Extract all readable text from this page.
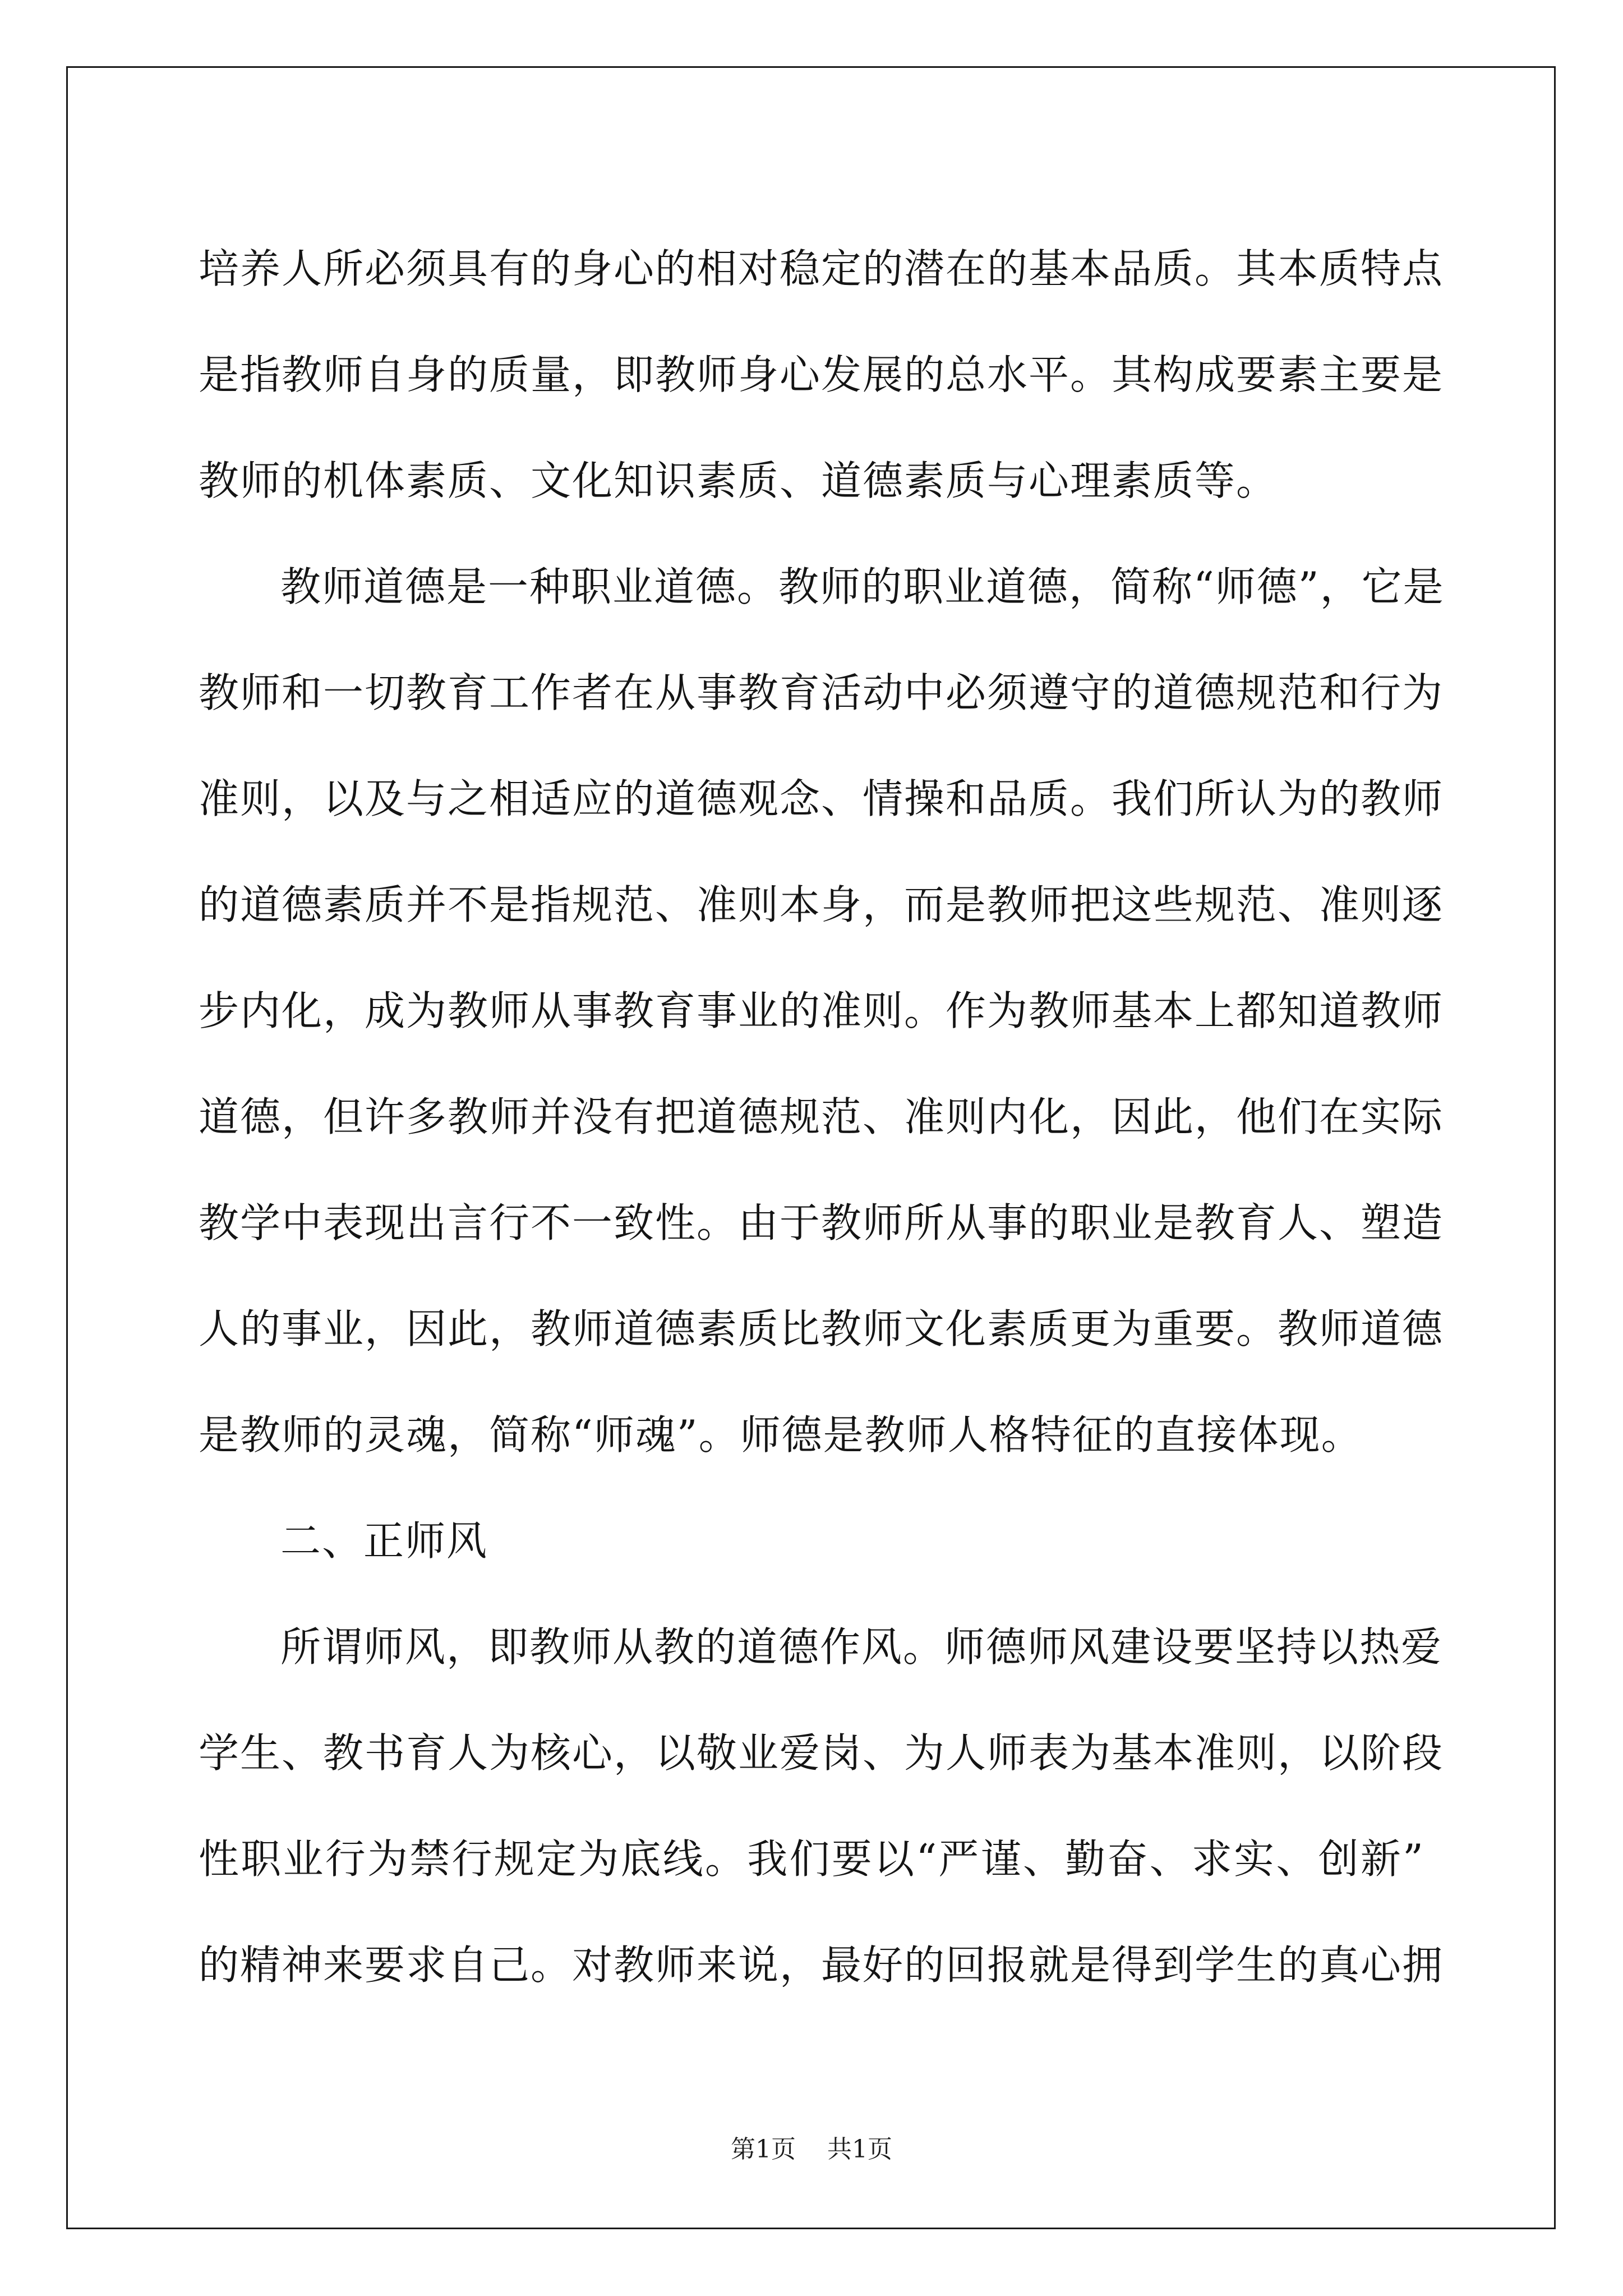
培养人所必须具有的身心的相对稳定的潜在的基本品质。其本质特点
是指教师自身的质量，即教师身心发展的总水平。其构成要素主要是
教师的机体素质、文化知识素质、道德素质与心理素质等。
教师道德是一种职业道德。教师的职业道德，简称“师德”，它是
教师和一切教育工作者在从事教育活动中必须遵守的道德规范和行为
准则，以及与之相适应的道德观念、情操和品质。我们所认为的教师
的道德素质并不是指规范、准则本身，而是教师把这些规范、准则逐
步内化，成为教师从事教育事业的准则。作为教师基本上都知道教师
道德，但许多教师并没有把道德规范、准则内化，因此，他们在实际
教学中表现出言行不一致性。由于教师所从事的职业是教育人、塑造
人的事业，因此，教师道德素质比教师文化素质更为重要。教师道德
是教师的灵魂，简称“师魂”。师德是教师人格特征的直接体现。
二、正师风
所谓师风，即教师从教的道德作风。师德师风建设要坚持以热爱
学生、教书育人为核心，以敬业爱岗、为人师表为基本准则，以阶段
性职业行为禁行规定为底线。我们要以“严谨、勤奋、求实、创新”
的精神来要求自己。对教师来说，最好的回报就是得到学生的真心拥
第1页 共1页
